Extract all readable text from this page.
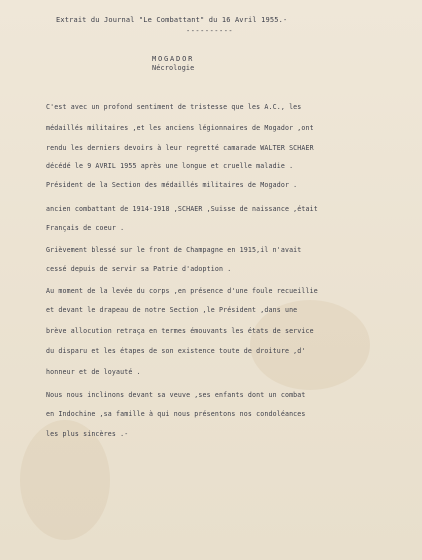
Extrait du Journal "Le Combattant" du 16 Avril 1955.-
----------
MOGADOR
Nécrologie
C'est avec un profond sentiment de tristesse que les A.C., les
médaillés militaires ,et les anciens légionnaires de Mogador ,ont
rendu les derniers devoirs à leur regretté camarade WALTER SCHAER
décédé le 9 AVRIL 1955 après une longue et cruelle maladie .
Président de la Section des médaillés militaires de Mogador .
ancien combattant de 1914-1918 ,SCHAER ,Suisse de naissance ,était
Français de coeur .
Grièvement blessé sur le front de Champagne en 1915,il n'avait
cessé depuis de servir sa Patrie d'adoption .
Au moment de la levée du corps ,en présence d'une foule recueillie
et devant le drapeau de notre Section ,le Président ,dans une
brève allocution retraça en termes émouvants les états de service
du disparu et les étapes de son existence toute de droiture ,d'
honneur et de loyauté .
Nous nous inclinons devant sa veuve ,ses enfants dont un combat
en Indochine ,sa famille à qui nous présentons nos condoléances
les plus sincères .-
